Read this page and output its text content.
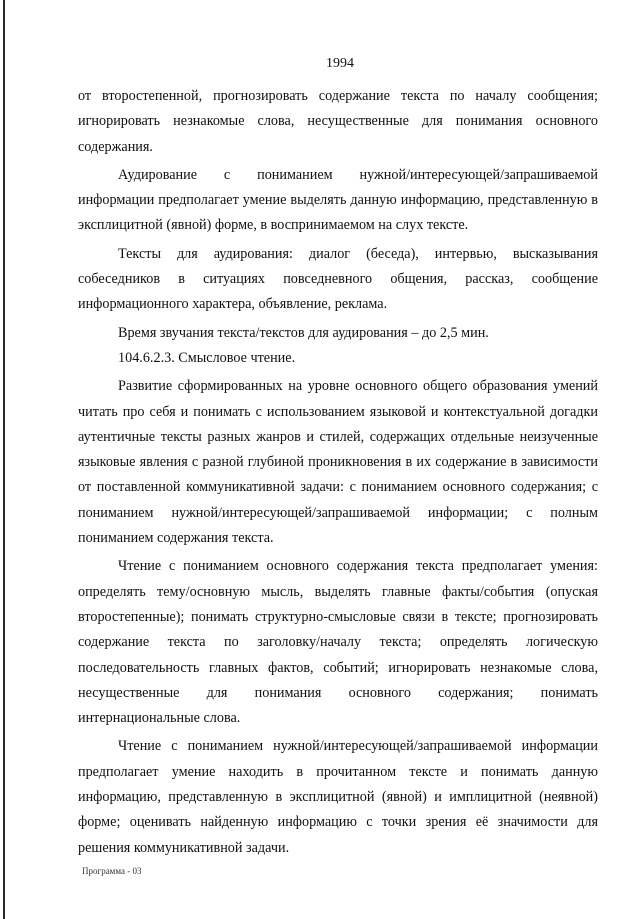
1994

от второстепенной, прогнозировать содержание текста по началу сообщения; игнорировать незнакомые слова, несущественные для понимания основного содержания.

Аудирование с пониманием нужной/интересующей/запрашиваемой информации предполагает умение выделять данную информацию, представленную в эксплицитной (явной) форме, в воспринимаемом на слух тексте.

Тексты для аудирования: диалог (беседа), интервью, высказывания собеседников в ситуациях повседневного общения, рассказ, сообщение информационного характера, объявление, реклама.

Время звучания текста/текстов для аудирования – до 2,5 мин.

104.6.2.3. Смысловое чтение.

Развитие сформированных на уровне основного общего образования умений читать про себя и понимать с использованием языковой и контекстуальной догадки аутентичные тексты разных жанров и стилей, содержащих отдельные неизученные языковые явления с разной глубиной проникновения в их содержание в зависимости от поставленной коммуникативной задачи: с пониманием основного содержания; с пониманием нужной/интересующей/запрашиваемой информации; с полным пониманием содержания текста.

Чтение с пониманием основного содержания текста предполагает умения: определять тему/основную мысль, выделять главные факты/события (опуская второстепенные); понимать структурно-смысловые связи в тексте; прогнозировать содержание текста по заголовку/началу текста; определять логическую последовательность главных фактов, событий; игнорировать незнакомые слова, несущественные для понимания основного содержания; понимать интернациональные слова.

Чтение с пониманием нужной/интересующей/запрашиваемой информации предполагает умение находить в прочитанном тексте и понимать данную информацию, представленную в эксплицитной (явной) и имплицитной (неявной) форме; оценивать найденную информацию с точки зрения её значимости для решения коммуникативной задачи.

Программа - 03
